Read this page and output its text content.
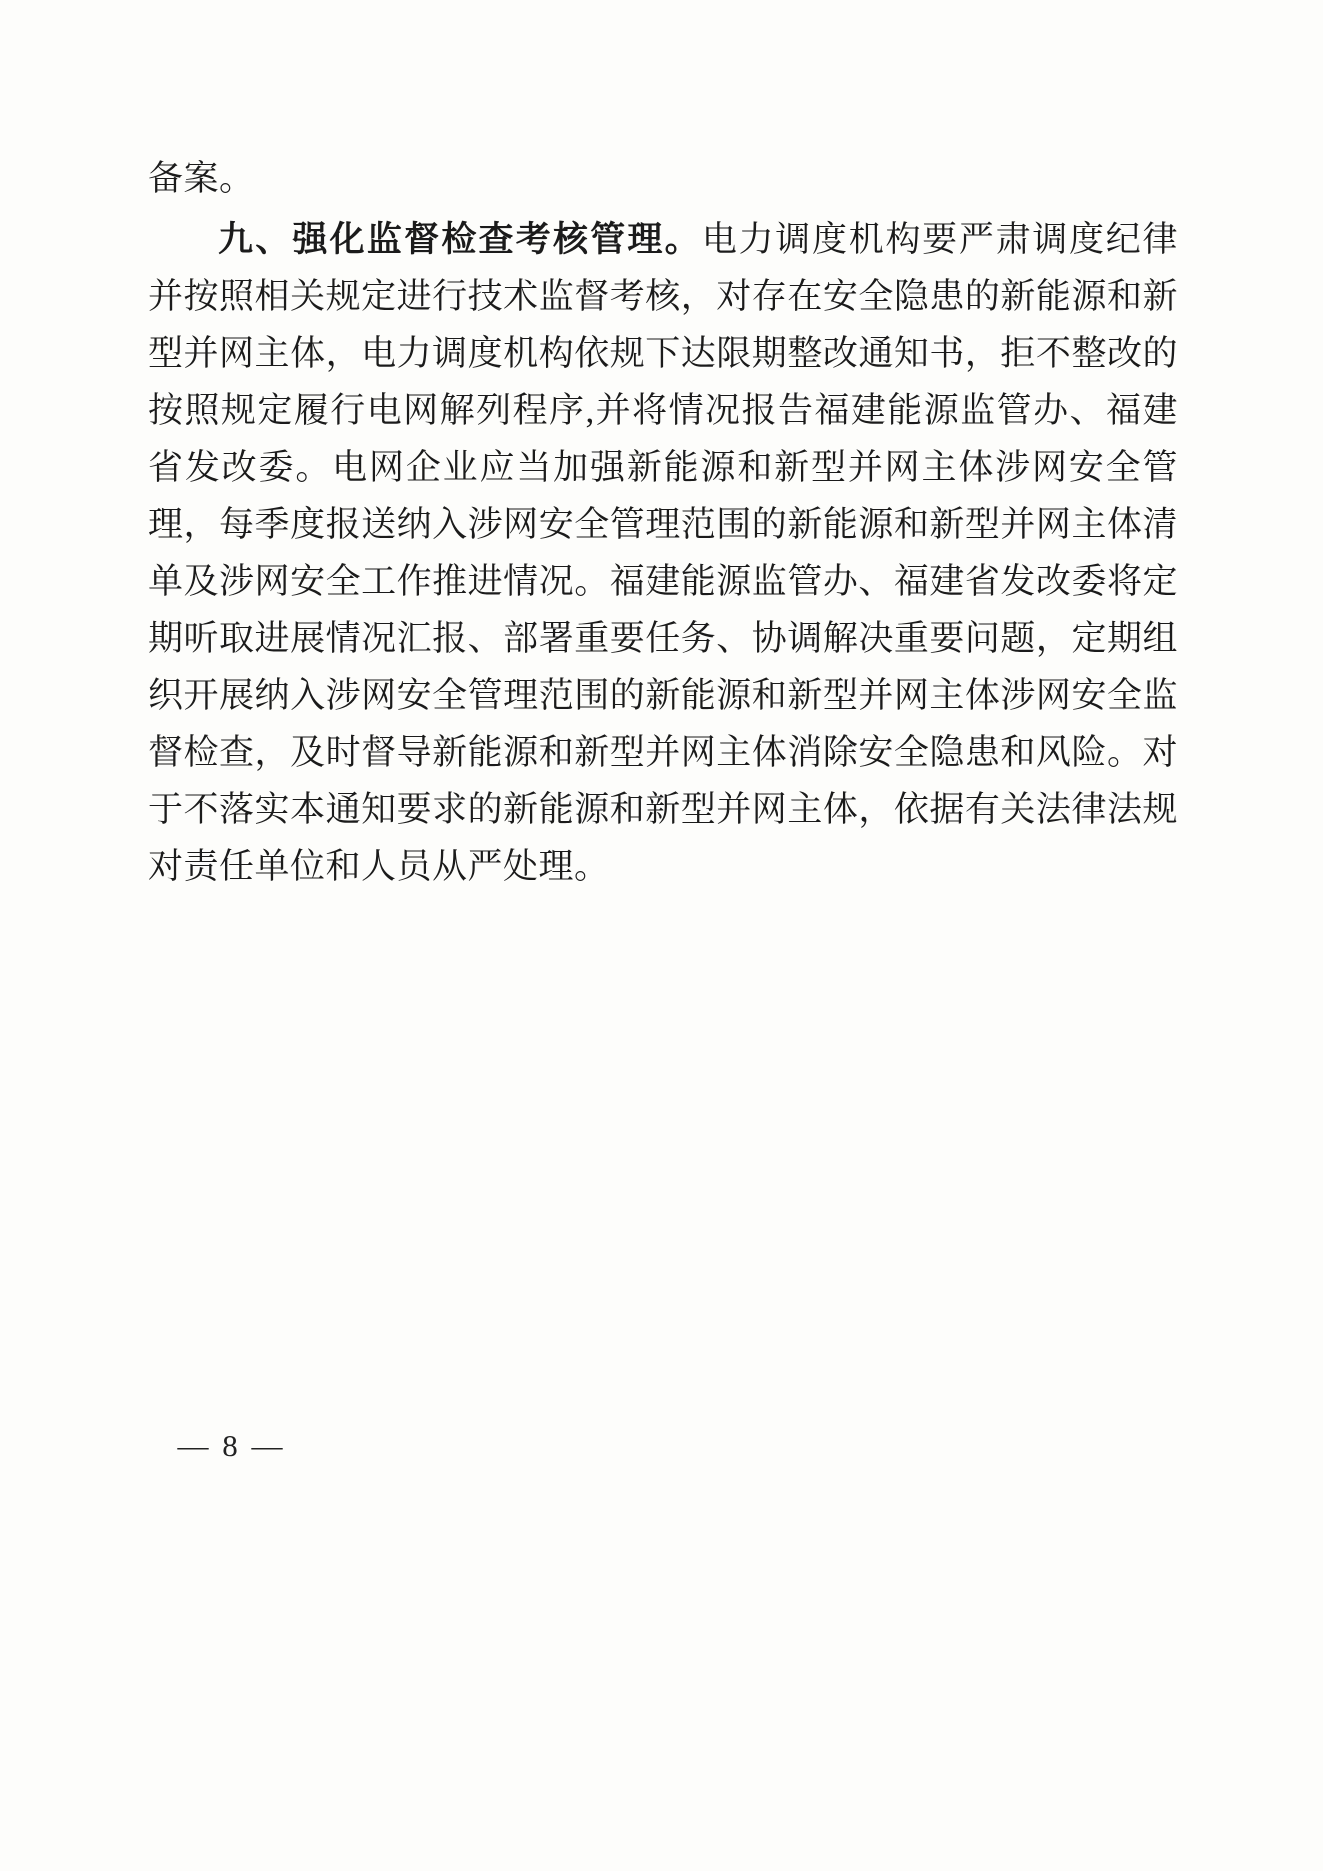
备案。

九、强化监督检查考核管理。电力调度机构要严肃调度纪律并按照相关规定进行技术监督考核，对存在安全隐患的新能源和新型并网主体，电力调度机构依规下达限期整改通知书，拒不整改的按照规定履行电网解列程序,并将情况报告福建能源监管办、福建省发改委。电网企业应当加强新能源和新型并网主体涉网安全管理，每季度报送纳入涉网安全管理范围的新能源和新型并网主体清单及涉网安全工作推进情况。福建能源监管办、福建省发改委将定期听取进展情况汇报、部署重要任务、协调解决重要问题，定期组织开展纳入涉网安全管理范围的新能源和新型并网主体涉网安全监督检查，及时督导新能源和新型并网主体消除安全隐患和风险。对于不落实本通知要求的新能源和新型并网主体，依据有关法律法规对责任单位和人员从严处理。

— 8 —
